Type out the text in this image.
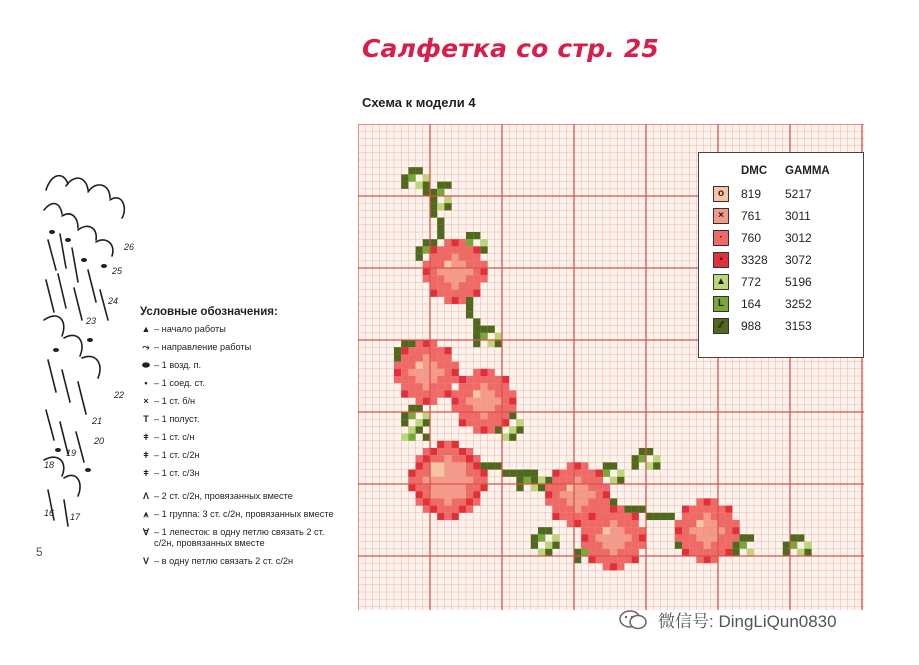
Салфетка со стр. 25
Схема к модели 4
26
25
24
23
22
21
20
19
18
17
16
5
Условные обозначения:
▲ – начало работы
⤳ – направление работы
⬬ – 1 возд. п.
• – 1 соед. ст.
× – 1 ст. б/н
T – 1 полуст.
ǂ – 1 ст. с/н
ǂ – 1 ст. с/2н
ǂ – 1 ст. с/3н
Ʌ – 2 ст. с/2н, провязанных вместе
⩚ – 1 группа: 3 ст. с/2н, провязанных вместе
∀ – 1 лепесток: в одну петлю связать 2 ст. с/2н, провязанных вместе
V – в одну петлю связать 2 ст. с/2н
DMC GAMMA
o	819 5217
×	761 3011
·	760 3012
▪	3328 3072
▲ 772 5196
L	164 3252
⁄⁄	988 3153
微信号: DingLiQun0830
